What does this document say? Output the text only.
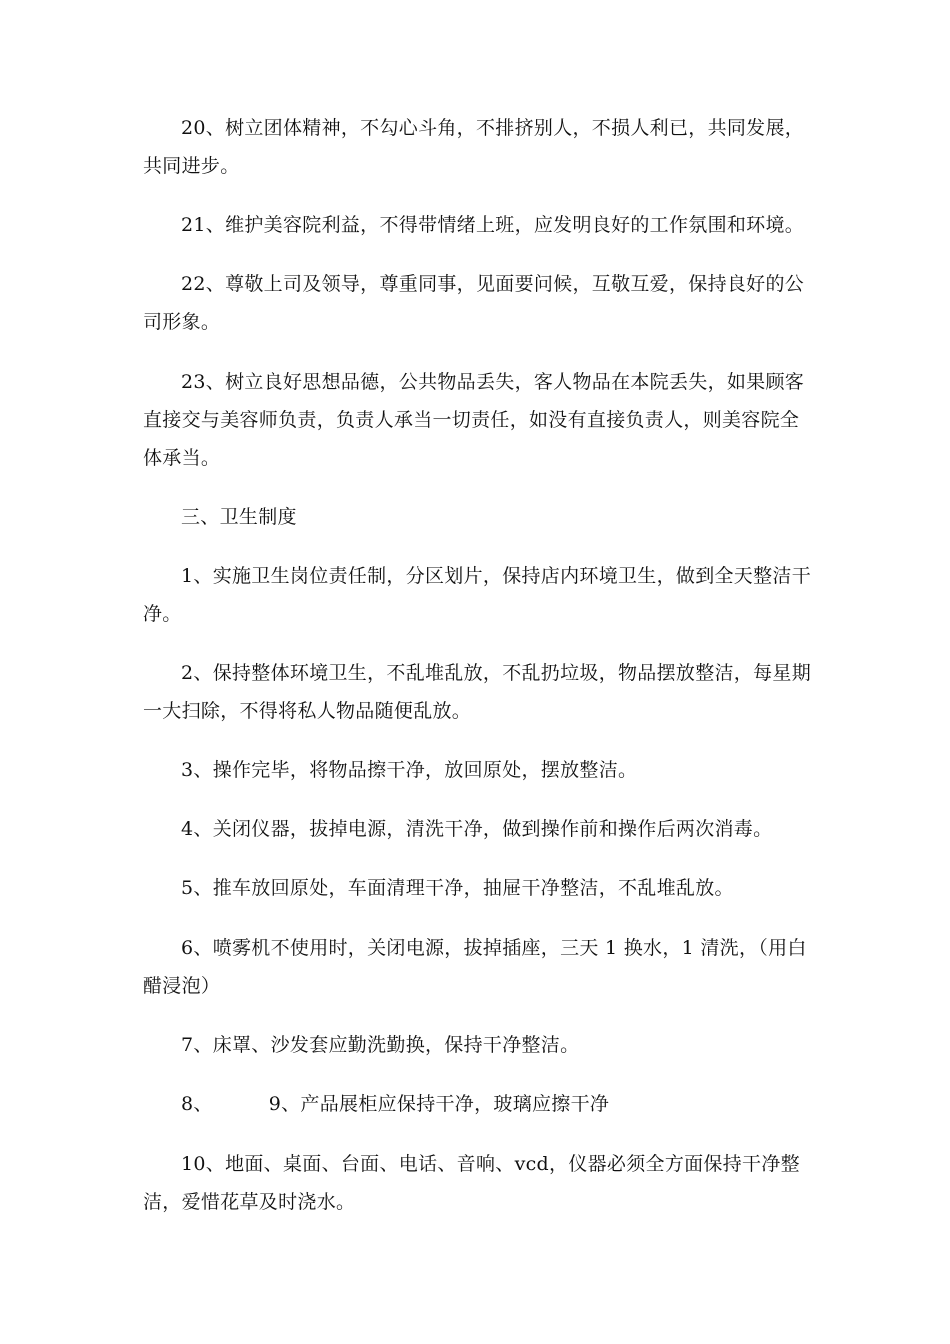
20、树立团体精神，不勾心斗角，不排挤别人，不损人利已，共同发展，共同进步。

21、维护美容院利益，不得带情绪上班，应发明良好的工作氛围和环境。

22、尊敬上司及领导，尊重同事，见面要问候，互敬互爱，保持良好的公司形象。

23、树立良好思想品德，公共物品丢失，客人物品在本院丢失，如果顾客直接交与美容师负责，负责人承当一切责任，如没有直接负责人，则美容院全体承当。

三、卫生制度

1、实施卫生岗位责任制，分区划片，保持店内环境卫生，做到全天整洁干净。

2、保持整体环境卫生，不乱堆乱放，不乱扔垃圾，物品摆放整洁，每星期一大扫除，不得将私人物品随便乱放。

3、操作完毕，将物品擦干净，放回原处，摆放整洁。

4、关闭仪器，拔掉电源，清洗干净，做到操作前和操作后两次消毒。

5、推车放回原处，车面清理干净，抽屉干净整洁，不乱堆乱放。

6、喷雾机不使用时，关闭电源，拔掉插座，三天 1 换水，1 清洗，（用白醋浸泡）

7、床罩、沙发套应勤洗勤换，保持干净整洁。

8、	9、产品展柜应保持干净，玻璃应擦干净

10、地面、桌面、台面、电话、音响、vcd，仪器必须全方面保持干净整洁，爱惜花草及时浇水。
